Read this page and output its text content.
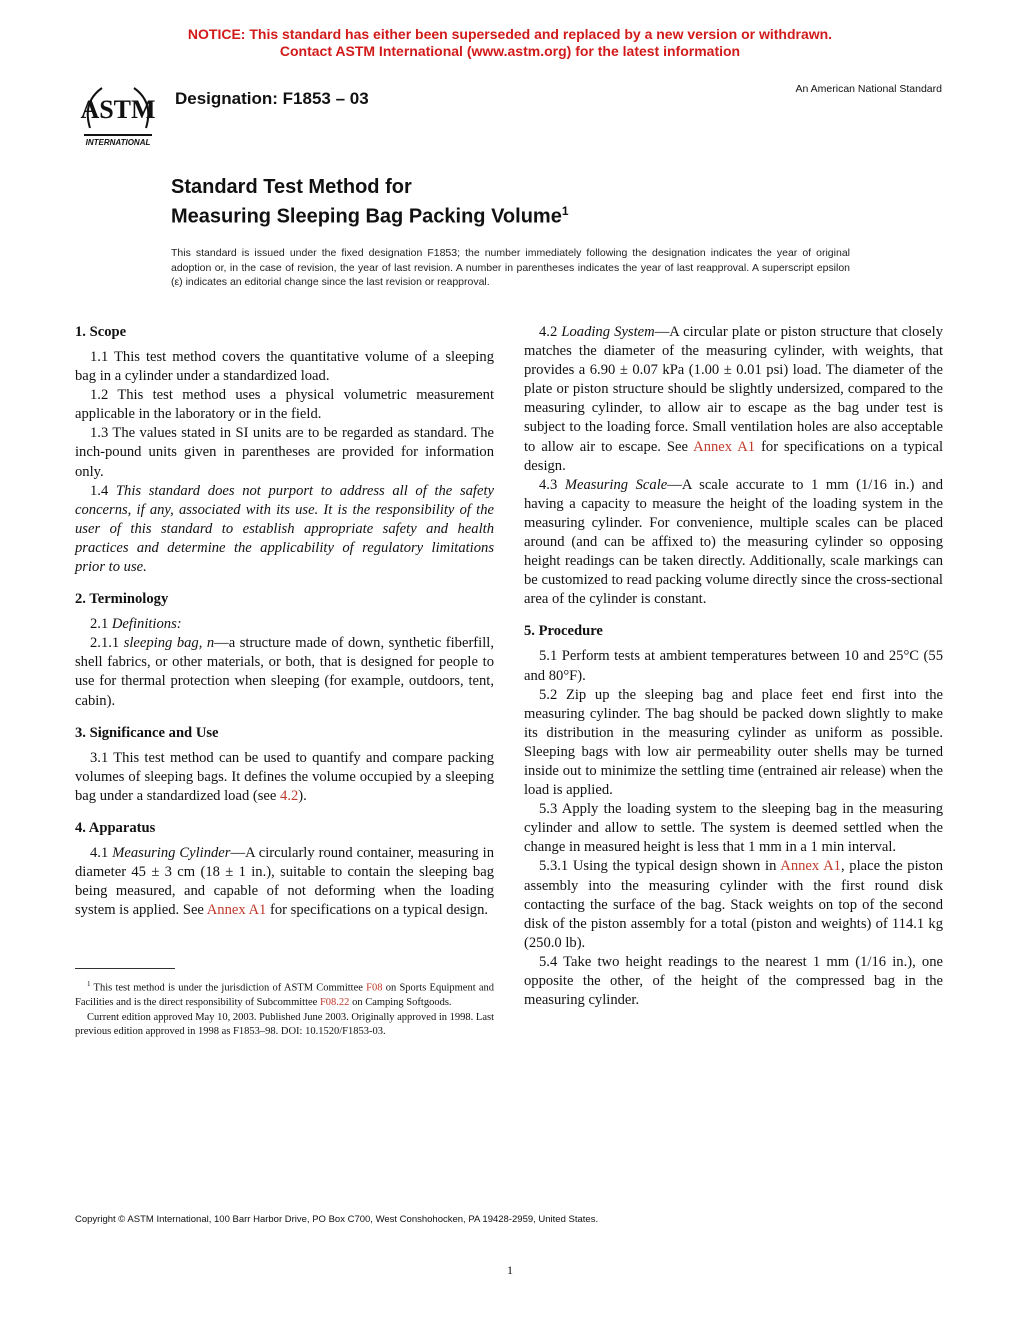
NOTICE: This standard has either been superseded and replaced by a new version or withdrawn.
Contact ASTM International (www.astm.org) for the latest information
ASTM
INTERNATIONAL
Designation: F1853 – 03	An American National Standard
Standard Test Method for
Measuring Sleeping Bag Packing Volume$^1$
This standard is issued under the fixed designation F1853; the number immediately following the designation indicates the year of original adoption or, in the case of revision, the year of last revision. A number in parentheses indicates the year of last reapproval. A superscript epsilon (ε) indicates an editorial change since the last revision or reapproval.
1. Scope

1.1 This test method covers the quantitative volume of a sleeping bag in a cylinder under a standardized load.

1.2 This test method uses a physical volumetric measurement applicable in the laboratory or in the field.

1.3 The values stated in SI units are to be regarded as standard. The inch-pound units given in parentheses are provided for information only.

1.4 This standard does not purport to address all of the safety concerns, if any, associated with its use. It is the responsibility of the user of this standard to establish appropriate safety and health practices and determine the applicability of regulatory limitations prior to use.

2. Terminology

2.1 Definitions:

2.1.1 sleeping bag, n—a structure made of down, synthetic fiberfill, shell fabrics, or other materials, or both, that is designed for people to use for thermal protection when sleeping (for example, outdoors, tent, cabin).

3. Significance and Use

3.1 This test method can be used to quantify and compare packing volumes of sleeping bags. It defines the volume occupied by a sleeping bag under a standardized load (see 4.2).

4. Apparatus

4.1 Measuring Cylinder—A circularly round container, measuring in diameter 45 ± 3 cm (18 ± 1 in.), suitable to contain the sleeping bag being measured, and capable of not deforming when the loading system is applied. See Annex A1 for specifications on a typical design.

4.2 Loading System—A circular plate or piston structure that closely matches the diameter of the measuring cylinder, with weights, that provides a 6.90 ± 0.07 kPa (1.00 ± 0.01 psi) load. The diameter of the plate or piston structure should be slightly undersized, compared to the measuring cylinder, to allow air to escape as the bag under test is subject to the loading force. Small ventilation holes are also acceptable to allow air to escape. See Annex A1 for specifications on a typical design.

4.3 Measuring Scale—A scale accurate to 1 mm (1/16 in.) and having a capacity to measure the height of the loading system in the measuring cylinder. For convenience, multiple scales can be placed around (and can be affixed to) the measuring cylinder so opposing height readings can be taken directly. Additionally, scale markings can be customized to read packing volume directly since the cross-sectional area of the cylinder is constant.

5. Procedure

5.1 Perform tests at ambient temperatures between 10 and 25°C (55 and 80°F).

5.2 Zip up the sleeping bag and place feet end first into the measuring cylinder. The bag should be packed down slightly to make its distribution in the measuring cylinder as uniform as possible. Sleeping bags with low air permeability outer shells may be turned inside out to minimize the settling time (entrained air release) when the load is applied.

5.3 Apply the loading system to the sleeping bag in the measuring cylinder and allow to settle. The system is deemed settled when the change in measured height is less that 1 mm in a 1 min interval.

5.3.1 Using the typical design shown in Annex A1, place the piston assembly into the measuring cylinder with the first round disk contacting the surface of the bag. Stack weights on top of the second disk of the piston assembly for a total (piston and weights) of 114.1 kg (250.0 lb).

5.4 Take two height readings to the nearest 1 mm (1/16 in.), one opposite the other, of the height of the compressed bag in the measuring cylinder.

$^1$ This test method is under the jurisdiction of ASTM Committee F08 on Sports Equipment and Facilities and is the direct responsibility of Subcommittee F08.22 on Camping Softgoods.

Current edition approved May 10, 2003. Published June 2003. Originally approved in 1998. Last previous edition approved in 1998 as F1853–98. DOI: 10.1520/F1853-03.

Copyright © ASTM International, 100 Barr Harbor Drive, PO Box C700, West Conshohocken, PA 19428-2959, United States.
1
